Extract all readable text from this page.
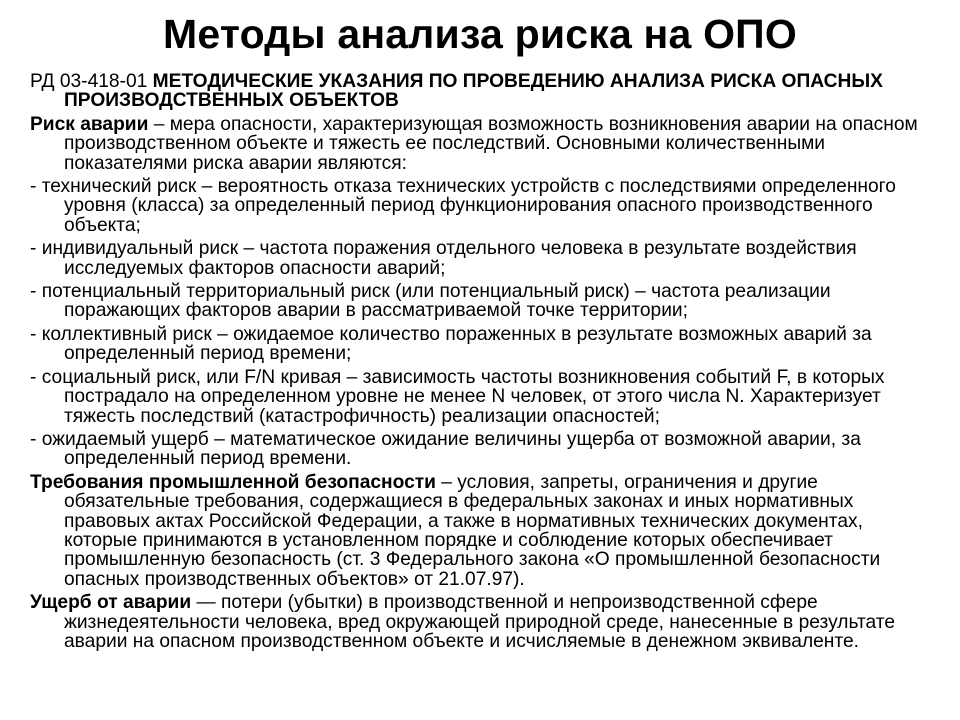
Методы анализа риска на ОПО

РД 03-418-01 МЕТОДИЧЕСКИЕ УКАЗАНИЯ ПО ПРОВЕДЕНИЮ АНАЛИЗА РИСКА ОПАСНЫХ ПРОИЗВОДСТВЕННЫХ ОБЪЕКТОВ

Риск аварии – мера опасности, характеризующая возможность возникновения аварии на опасном производственном объекте и тяжесть ее последствий. Основными количественными показателями риска аварии являются:

- технический риск – вероятность отказа технических устройств с последствиями определенного уровня (класса) за определенный период функционирования опасного производственного объекта;

- индивидуальный риск – частота поражения отдельного человека в результате воздействия исследуемых факторов опасности аварий;

- потенциальный территориальный риск (или потенциальный риск) – частота реализации поражающих факторов аварии в рассматриваемой точке территории;

- коллективный риск – ожидаемое количество пораженных в результате возможных аварий за определенный период времени;

- социальный риск, или F/N кривая – зависимость частоты возникновения событий F, в которых пострадало на определенном уровне не менее N человек, от этого числа N. Характеризует тяжесть последствий (катастрофичность) реализации опасностей;

- ожидаемый ущерб – математическое ожидание величины ущерба от возможной аварии, за определенный период времени.

Требования промышленной безопасности – условия, запреты, ограничения и другие обязательные требования, содержащиеся в федеральных законах и иных нормативных правовых актах Российской Федерации, а также в нормативных технических документах, которые принимаются в установленном порядке и соблюдение которых обеспечивает промышленную безопасность (ст. 3 Федерального закона «О промышленной безопасности опасных производственных объектов» от 21.07.97).

Ущерб от аварии — потери (убытки) в производственной и непроизводственной сфере жизнедеятельности человека, вред окружающей природной среде, нанесенные в результате аварии на опасном производственном объекте и исчисляемые в денежном эквиваленте.
